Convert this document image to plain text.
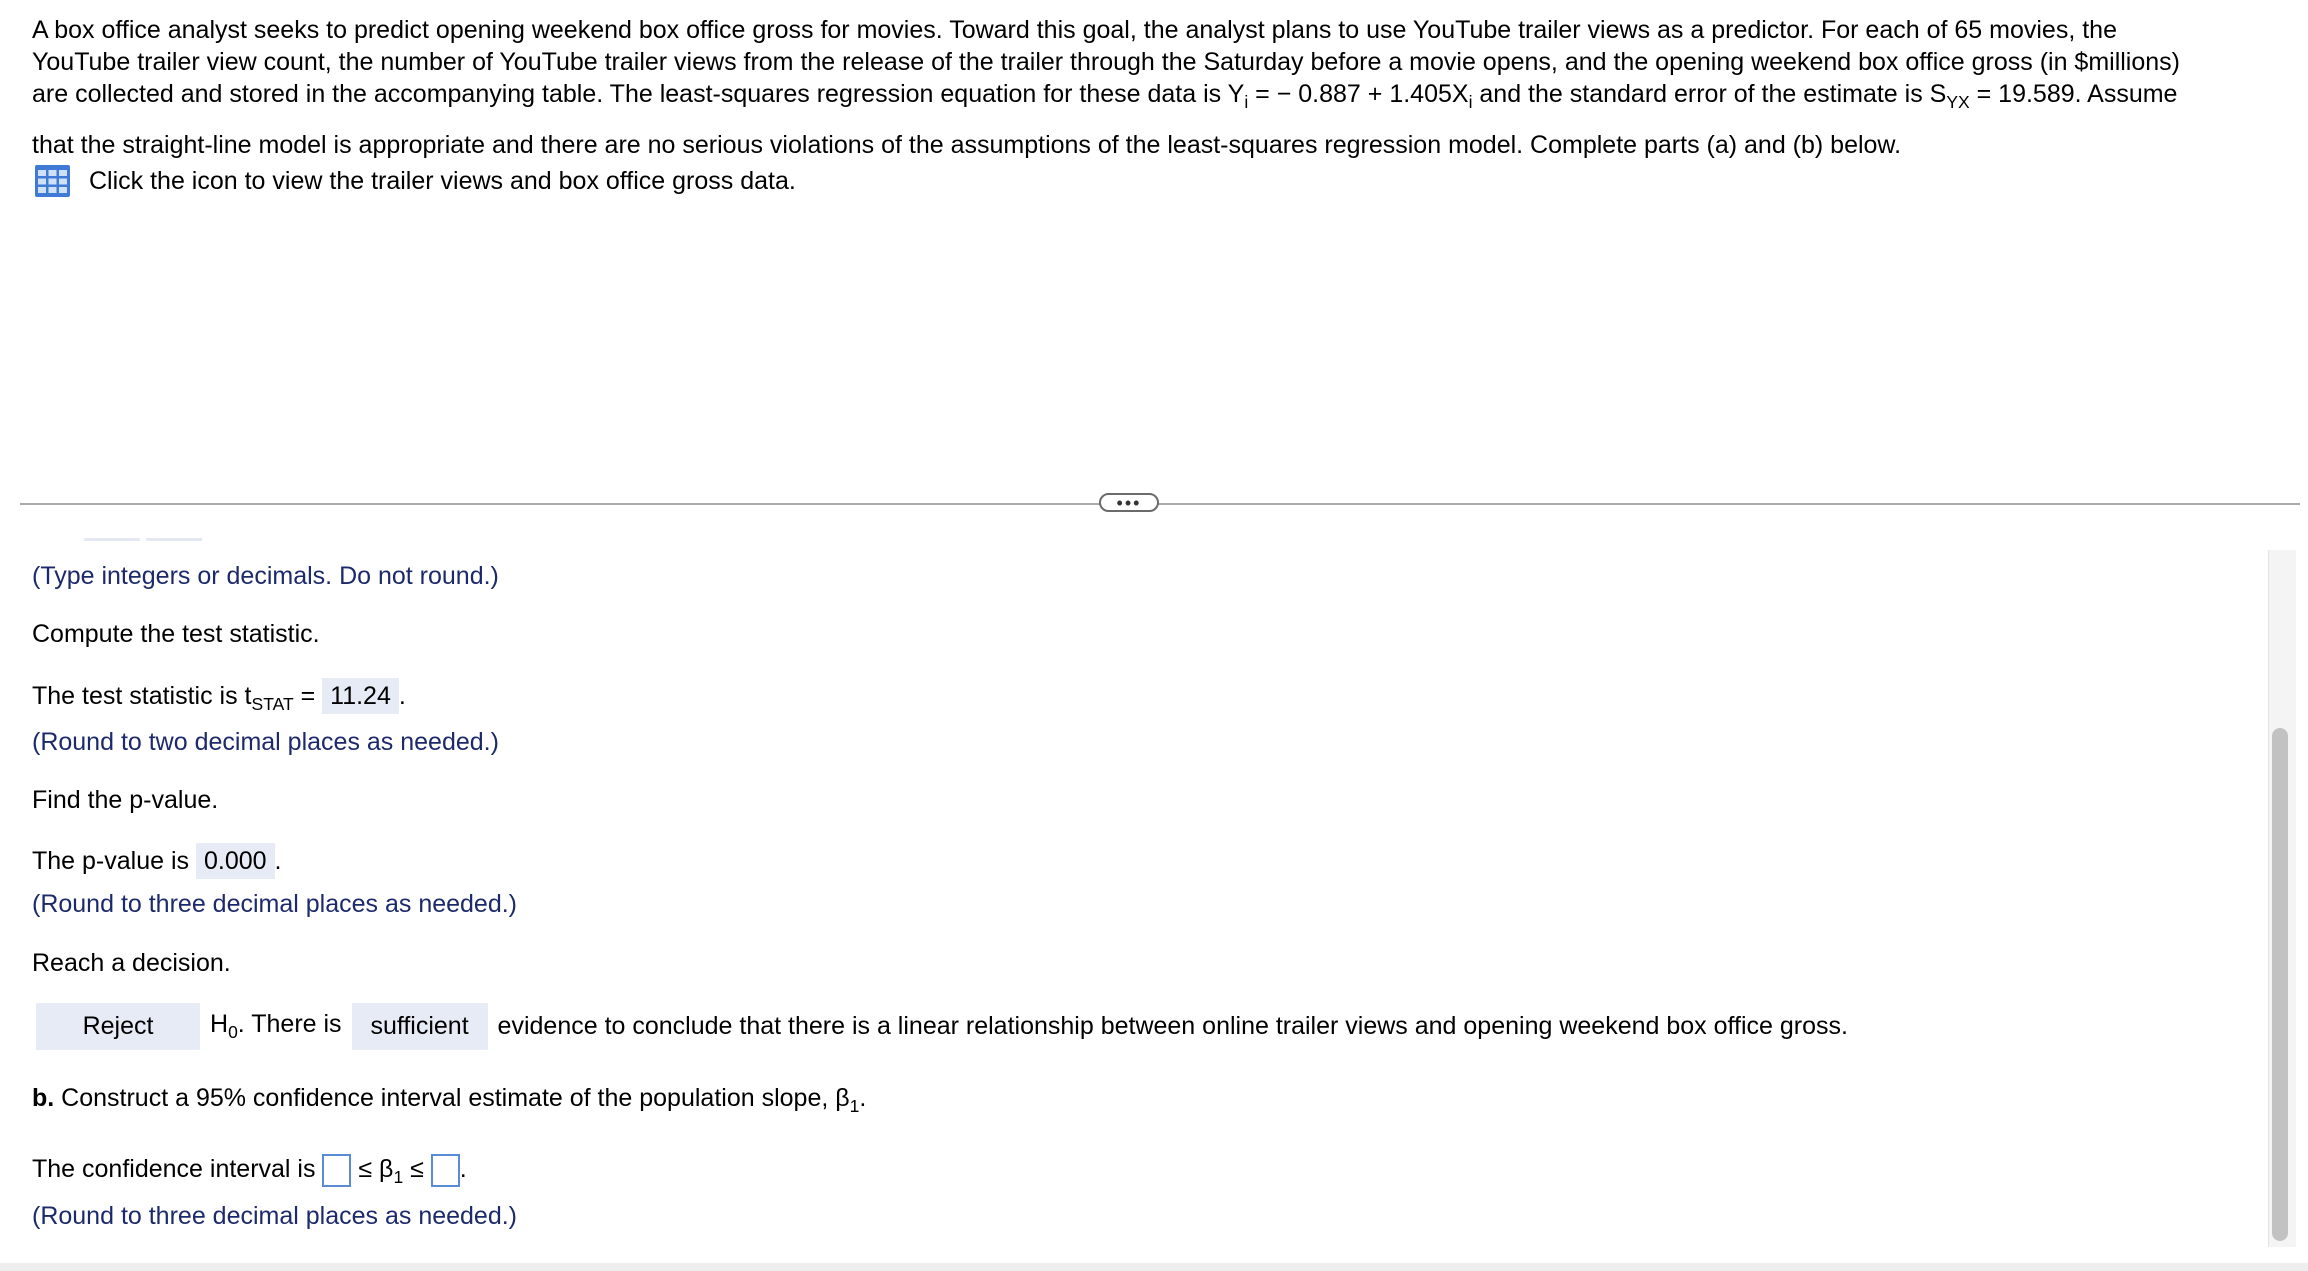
A box office analyst seeks to predict opening weekend box office gross for movies. Toward this goal, the analyst plans to use YouTube trailer views as a predictor. For each of 65 movies, the

YouTube trailer view count, the number of YouTube trailer views from the release of the trailer through the Saturday before a movie opens, and the opening weekend box office gross (in $millions)

are collected and stored in the accompanying table. The least-squares regression equation for these data is $Y_i$ = − $0.887 + 1.405X_i$ and the standard error of the estimate is $S_{YX} = 19.589$. Assume

that the straight-line model is appropriate and there are no serious violations of the assumptions of the least-squares regression model. Complete parts (a) and (b) below.

Click the icon to view the trailer views and box office gross data.
•••
(Type integers or decimals. Do not round.)
Compute the test statistic.
The test statistic is $t_{STAT} = 11.24$ .
(Round to two decimal places as needed.)
Find the p-value.
The p-value is 0.000 .
(Round to three decimal places as needed.)
Reach a decision.
Reject	$H_0$. There is	sufficient	evidence to conclude that there is a linear relationship between online trailer views and opening weekend box office gross.
b. Construct a 95% confidence interval estimate of the population slope, $\beta_1$.
The confidence interval is  ≤ $\beta_1$ ≤ .
(Round to three decimal places as needed.)
